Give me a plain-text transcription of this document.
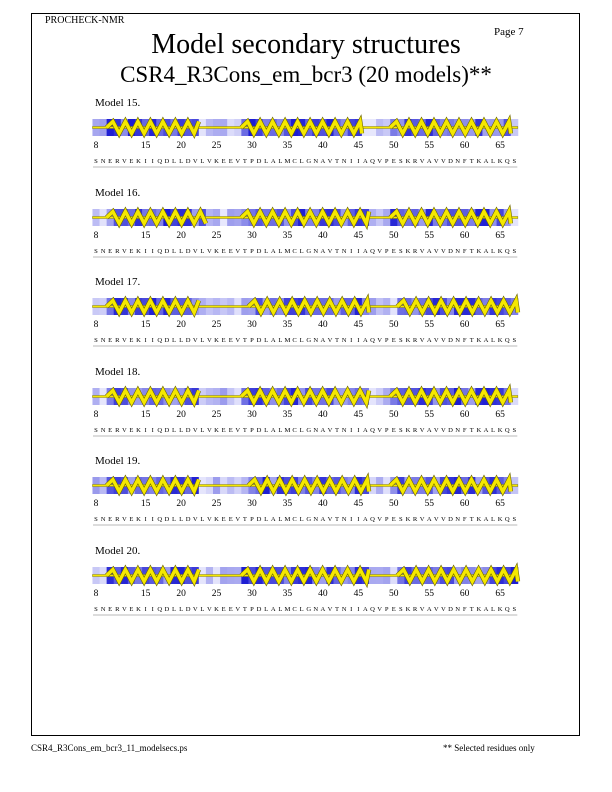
PROCHECK-NMR
Page 7
Model secondary structures
CSR4_R3Cons_em_bcr3 (20 models)**
Model 15.
8	15	20	25	30	35	40	45	50	55	60	65
S N E R V E K I I Q D L L D V L V K E E V T P D L A L M C L G N A V T N I I A Q V P E S K R V A V V D N F T K A L K Q S
Model 16.
8	15	20	25	30	35	40	45	50	55	60	65
S N E R V E K I I Q D L L D V L V K E E V T P D L A L M C L G N A V T N I I A Q V P E S K R V A V V D N F T K A L K Q S
Model 17.
8	15	20	25	30	35	40	45	50	55	60	65
S N E R V E K I I Q D L L D V L V K E E V T P D L A L M C L G N A V T N I I A Q V P E S K R V A V V D N F T K A L K Q S
Model 18.
8	15	20	25	30	35	40	45	50	55	60	65
S N E R V E K I I Q D L L D V L V K E E V T P D L A L M C L G N A V T N I I A Q V P E S K R V A V V D N F T K A L K Q S
Model 19.
8	15	20	25	30	35	40	45	50	55	60	65
S N E R V E K I I Q D L L D V L V K E E V T P D L A L M C L G N A V T N I I A Q V P E S K R V A V V D N F T K A L K Q S
Model 20.
8	15	20	25	30	35	40	45	50	55	60	65
S N E R V E K I I Q D L L D V L V K E E V T P D L A L M C L G N A V T N I I A Q V P E S K R V A V V D N F T K A L K Q S
CSR4_R3Cons_em_bcr3_11_modelsecs.ps	** Selected residues only
